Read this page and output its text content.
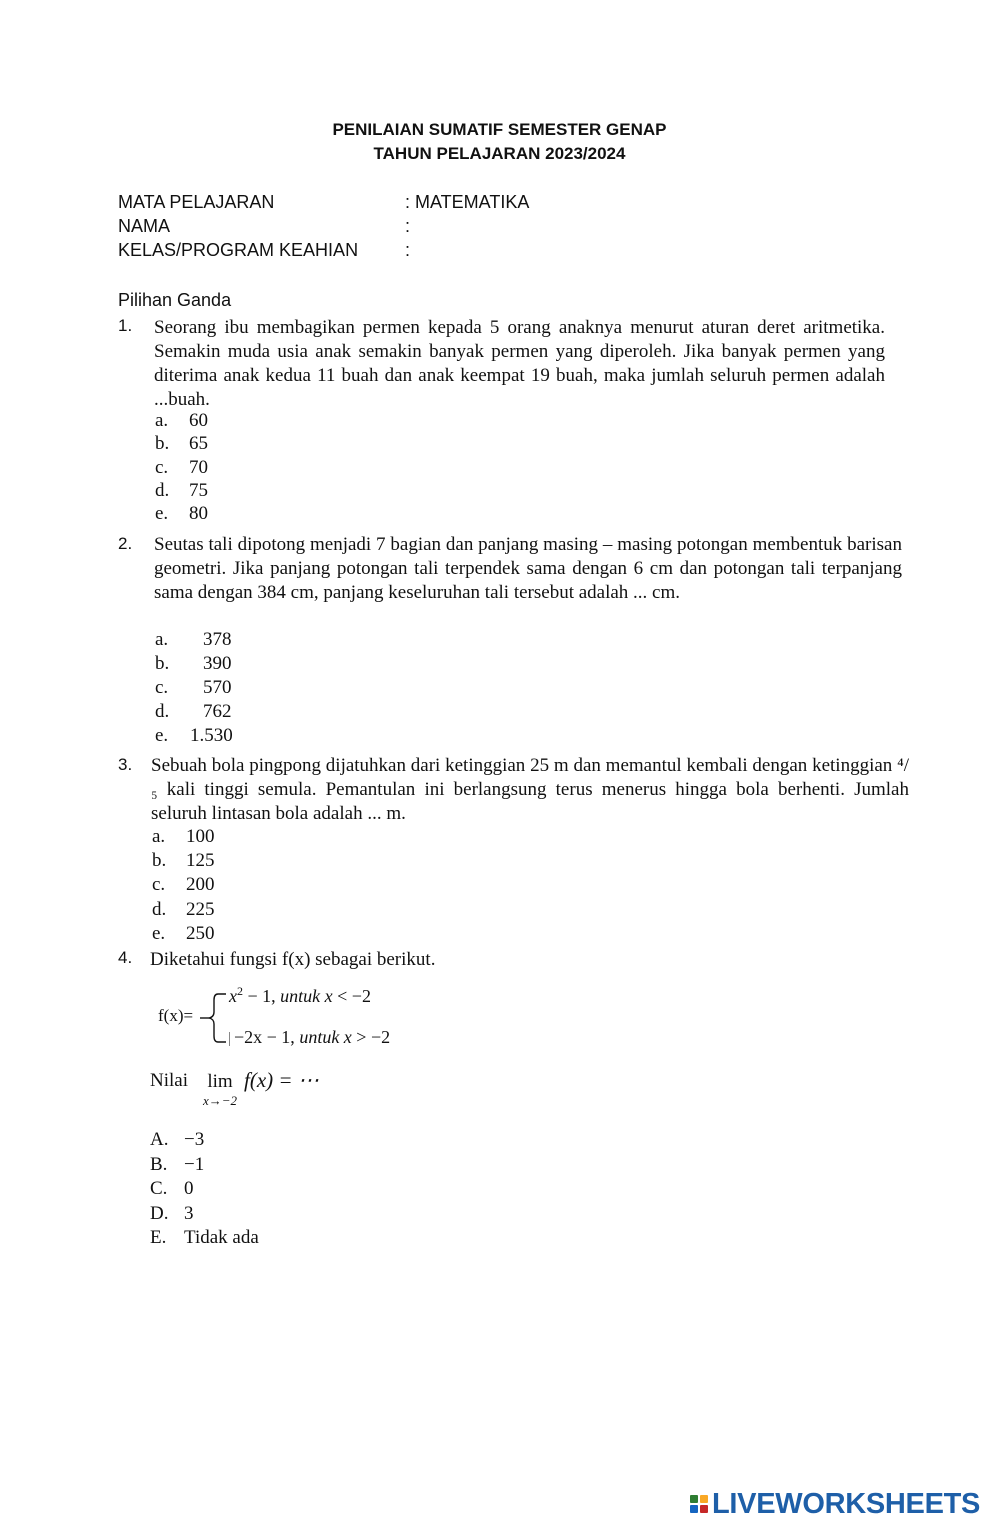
PENILAIAN SUMATIF SEMESTER GENAP
TAHUN PELAJARAN 2023/2024
MATA PELAJARAN	: MATEMATIKA
NAMA	:
KELAS/PROGRAM KEAHIAN	:
Pilihan Ganda
1. Seorang ibu membagikan permen kepada 5 orang anaknya menurut aturan deret aritmetika. Semakin muda usia anak semakin banyak permen yang diperoleh. Jika banyak permen yang diterima anak kedua 11 buah dan anak keempat 19 buah, maka jumlah seluruh permen adalah ...buah.
a. 60
b. 65
c. 70
d. 75
e. 80
2. Seutas tali dipotong menjadi 7 bagian dan panjang masing – masing potongan membentuk barisan geometri. Jika panjang potongan tali terpendek sama dengan 6 cm dan potongan tali terpanjang sama dengan 384 cm, panjang keseluruhan tali tersebut adalah ... cm.
a. 378
b. 390
c. 570
d. 762
e. 1.530
3. Sebuah bola pingpong dijatuhkan dari ketinggian 25 m dan memantul kembali dengan ketinggian ⁴/₅ kali tinggi semula. Pemantulan ini berlangsung terus menerus hingga bola berhenti. Jumlah seluruh lintasan bola adalah ... m.
a. 100
b. 125
c. 200
d. 225
e. 250
4. Diketahui fungsi f(x) sebagai berikut.
f(x)=
$x^2 - 1$, untuk x < −2
−2x − 1, untuk x > −2
Nilai	lim
x→−2
f(x) = ⋯
A. −3
B. −1
C. 0
D. 3
E. Tidak ada
LIVEWORKSHEETS
